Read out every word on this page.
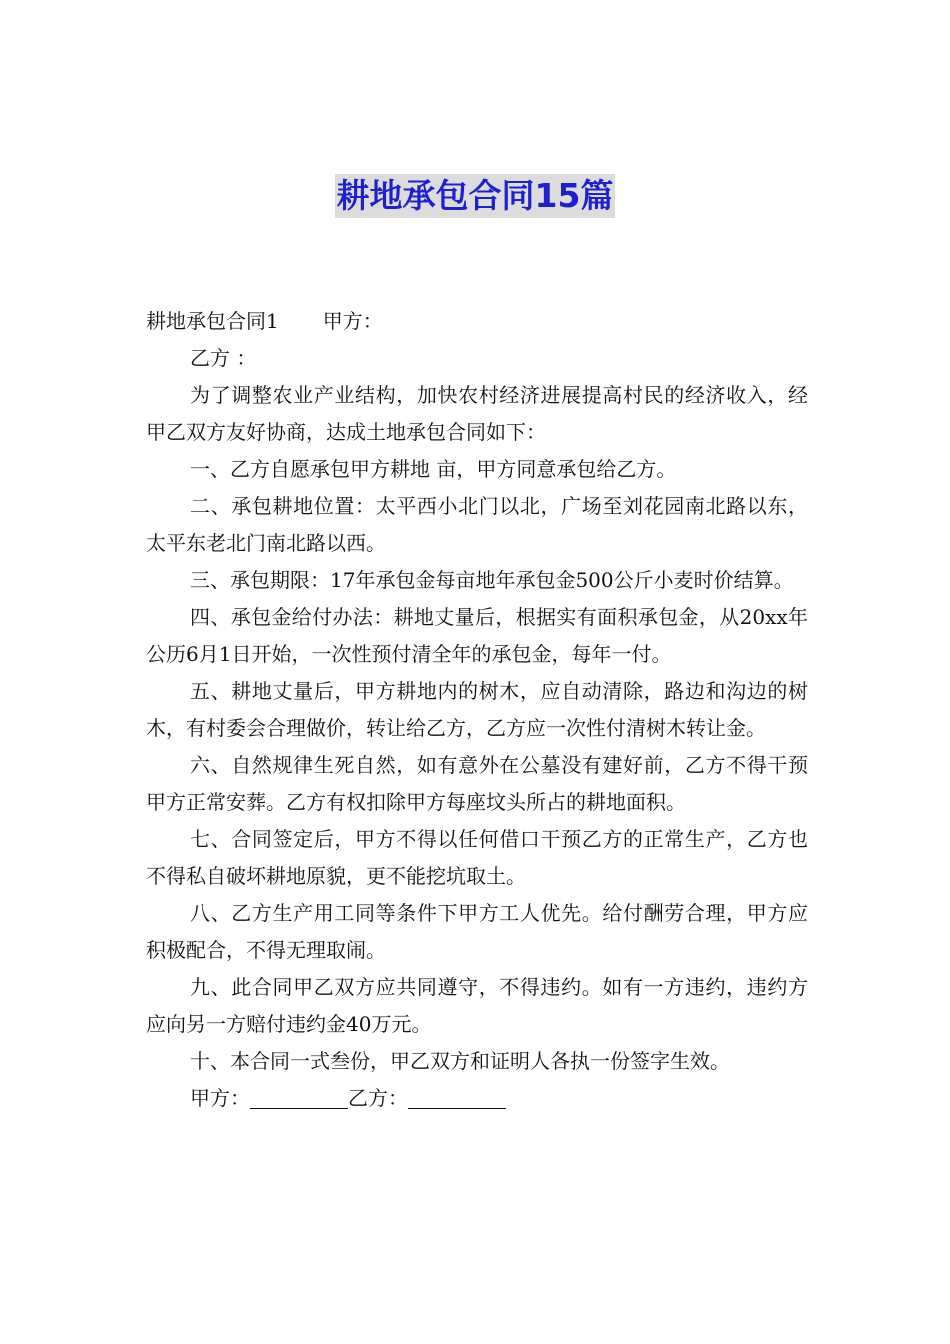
耕地承包合同15篇

耕地承包合同1 甲方：

乙方 ：

为了调整农业产业结构，加快农村经济进展提高村民的经济收入，经甲乙双方友好协商，达成土地承包合同如下：

一、乙方自愿承包甲方耕地 亩，甲方同意承包给乙方。

二、承包耕地位置：太平西小北门以北，广场至刘花园南北路以东，太平东老北门南北路以西。

三、承包期限：17年承包金每亩地年承包金500公斤小麦时价结算。

四、承包金给付办法：耕地丈量后，根据实有面积承包金，从20xx年公历6月1日开始，一次性预付清全年的承包金，每年一付。

五、耕地丈量后，甲方耕地内的树木，应自动清除，路边和沟边的树木，有村委会合理做价，转让给乙方，乙方应一次性付清树木转让金。

六、自然规律生死自然，如有意外在公墓没有建好前，乙方不得干预甲方正常安葬。乙方有权扣除甲方每座坟头所占的耕地面积。

七、合同签定后，甲方不得以任何借口干预乙方的正常生产，乙方也不得私自破坏耕地原貌，更不能挖坑取土。

八、乙方生产用工同等条件下甲方工人优先。给付酬劳合理，甲方应积极配合，不得无理取闹。

九、此合同甲乙双方应共同遵守，不得违约。如有一方违约，违约方应向另一方赔付违约金40万元。

十、本合同一式叁份，甲乙双方和证明人各执一份签字生效。

甲方：	乙方：
